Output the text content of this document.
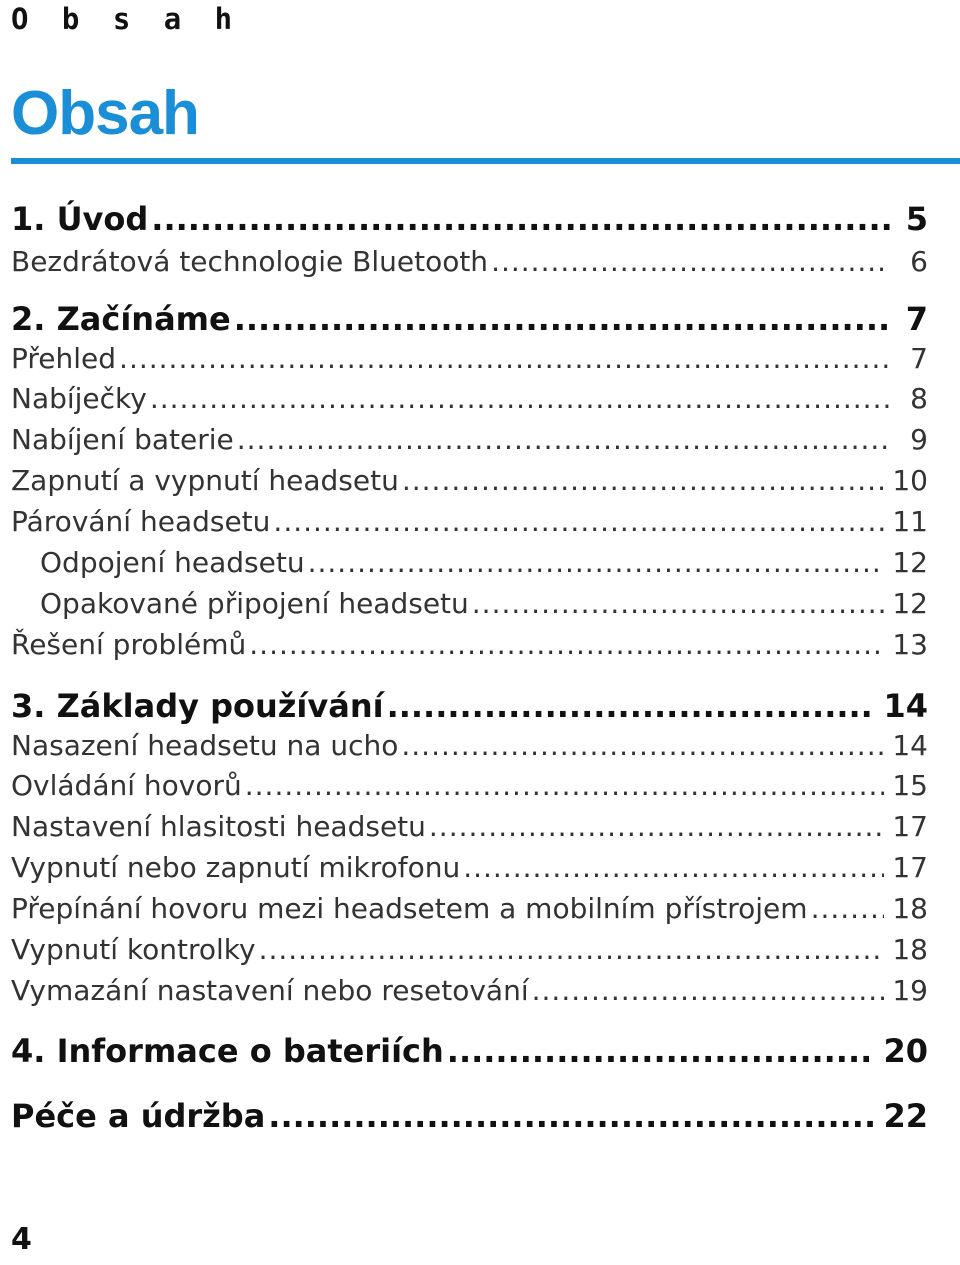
O b s a h
Obsah
1. Úvod .....	5
Bezdrátová technologie Bluetooth .....	6
2. Začínáme .....	7
Přehled .....	7
Nabíječky .....	8
Nabíjení baterie .....	9
Zapnutí a vypnutí headsetu .....	10
Párování headsetu .....	11
Odpojení headsetu .....	12
Opakované připojení headsetu .....	12
Řešení problémů .....	13
3. Základy používání .....	14
Nasazení headsetu na ucho .....	14
Ovládání hovorů .....	15
Nastavení hlasitosti headsetu .....	17
Vypnutí nebo zapnutí mikrofonu .....	17
Přepínání hovoru mezi headsetem a mobilním přístrojem .....	18
Vypnutí kontrolky .....	18
Vymazání nastavení nebo resetování .....	19
4. Informace o bateriích .....	20
Péče a údržba .....	22
4
